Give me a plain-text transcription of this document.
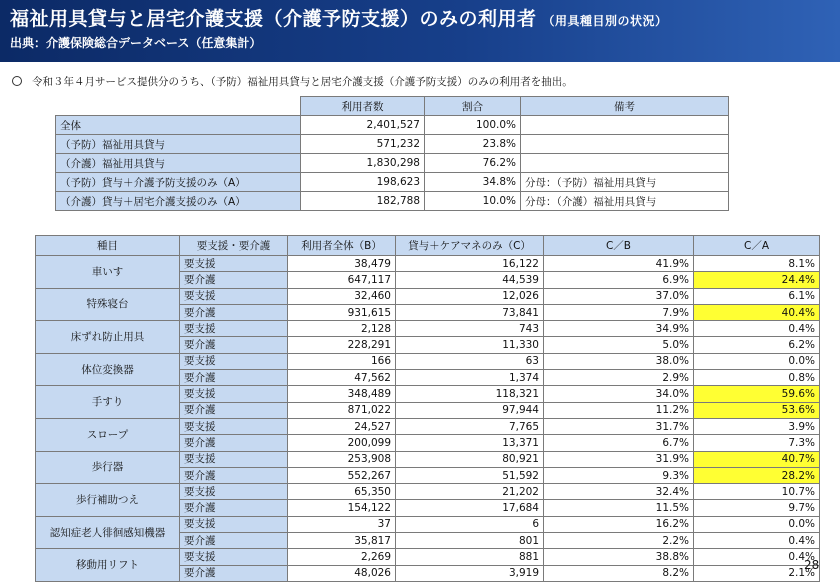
福祉用具貸与と居宅介護支援（介護予防支援）のみの利用者 （用具種目別の状況）
出典：介護保険総合データベース（任意集計）
令和３年４月サービス提供分のうち、（予防）福祉用具貸与と居宅介護支援（介護予防支援）のみの利用者を抽出。
	利用者数	割合	備考
全体	2,401,527	100.0%	
（予防）福祉用具貸与	571,232	23.8%	
（介護）福祉用具貸与	1,830,298	76.2%	
（予防）貸与＋介護予防支援のみ（A）	198,623	34.8%	分母：（予防）福祉用具貸与
（介護）貸与＋居宅介護支援のみ（A）	182,788	10.0%	分母：（介護）福祉用具貸与
種目	要支援・要介護	利用者全体（B）	貸与＋ケアマネのみ（C）	C／B	C／A
車いす	要支援	38,479	16,122	41.9%	8.1%
	要介護	647,117	44,539	6.9%	24.4%
特殊寝台	要支援	32,460	12,026	37.0%	6.1%
	要介護	931,615	73,841	7.9%	40.4%
床ずれ防止用具	要支援	2,128	743	34.9%	0.4%
	要介護	228,291	11,330	5.0%	6.2%
体位変換器	要支援	166	63	38.0%	0.0%
	要介護	47,562	1,374	2.9%	0.8%
手すり	要支援	348,489	118,321	34.0%	59.6%
	要介護	871,022	97,944	11.2%	53.6%
スロープ	要支援	24,527	7,765	31.7%	3.9%
	要介護	200,099	13,371	6.7%	7.3%
歩行器	要支援	253,908	80,921	31.9%	40.7%
	要介護	552,267	51,592	9.3%	28.2%
歩行補助つえ	要支援	65,350	21,202	32.4%	10.7%
	要介護	154,122	17,684	11.5%	9.7%
認知症老人徘徊感知機器	要支援	37	6	16.2%	0.0%
	要介護	35,817	801	2.2%	0.4%
移動用リフト	要支援	2,269	881	38.8%	0.4%
	要介護	48,026	3,919	8.2%	2.1%
28
